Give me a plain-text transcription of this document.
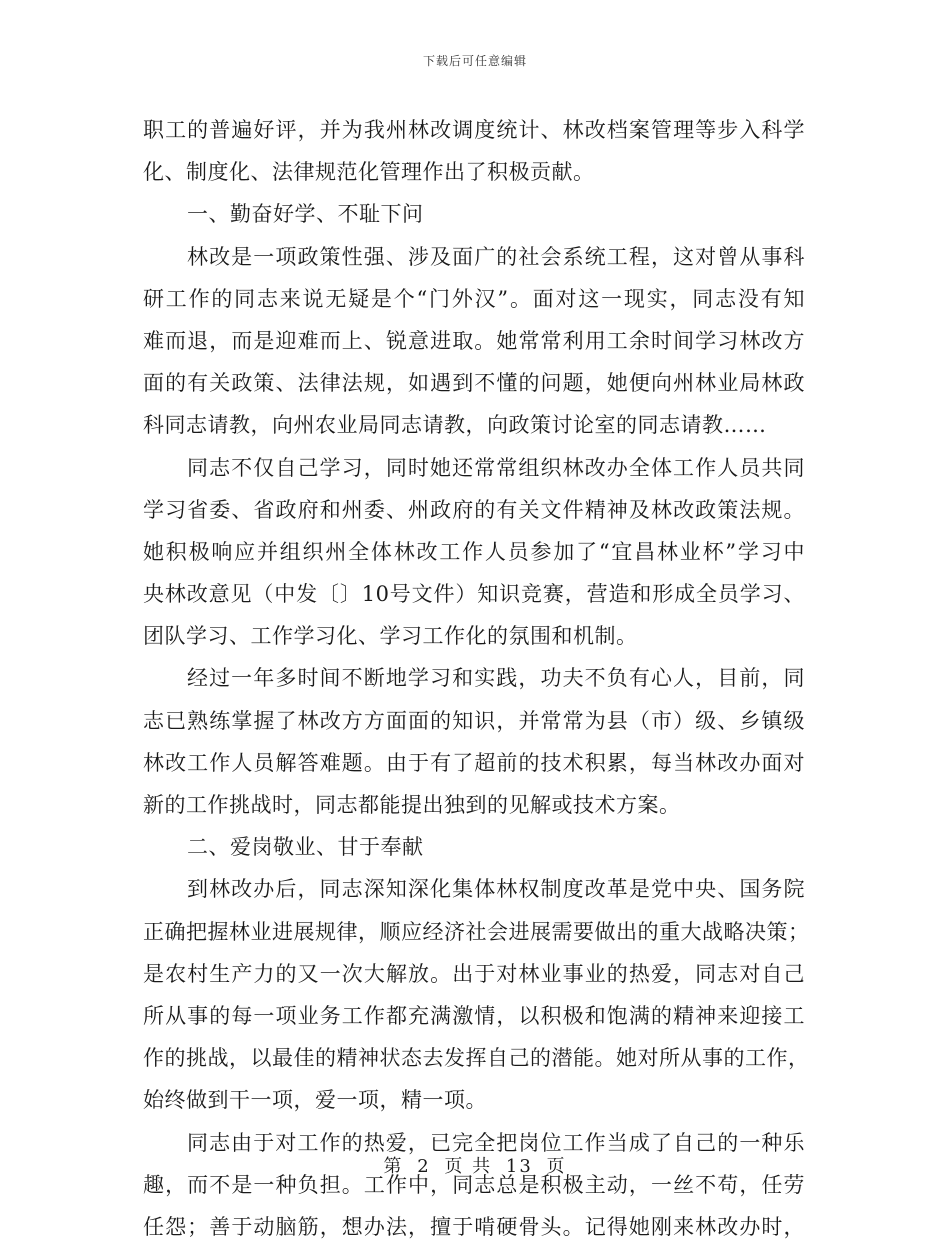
下载后可任意编辑
职工的普遍好评，并为我州林改调度统计、林改档案管理等步入科学
化、制度化、法律规范化管理作出了积极贡献。
一、勤奋好学、不耻下问
林改是一项政策性强、涉及面广的社会系统工程，这对曾从事科
研工作的同志来说无疑是个“门外汉”。面对这一现实，同志没有知
难而退，而是迎难而上、锐意进取。她常常利用工余时间学习林改方
面的有关政策、法律法规，如遇到不懂的问题，她便向州林业局林政
科同志请教，向州农业局同志请教，向政策讨论室的同志请教……
同志不仅自己学习，同时她还常常组织林改办全体工作人员共同
学习省委、省政府和州委、州政府的有关文件精神及林改政策法规。
她积极响应并组织州全体林改工作人员参加了“宜昌林业杯”学习中
央林改意见（中发〔〕10号文件）知识竞赛，营造和形成全员学习、
团队学习、工作学习化、学习工作化的氛围和机制。
经过一年多时间不断地学习和实践，功夫不负有心人，目前，同
志已熟练掌握了林改方方面面的知识，并常常为县（市）级、乡镇级
林改工作人员解答难题。由于有了超前的技术积累，每当林改办面对
新的工作挑战时，同志都能提出独到的见解或技术方案。
二、爱岗敬业、甘于奉献
到林改办后，同志深知深化集体林权制度改革是党中央、国务院
正确把握林业进展规律，顺应经济社会进展需要做出的重大战略决策；
是农村生产力的又一次大解放。出于对林业事业的热爱，同志对自己
所从事的每一项业务工作都充满激情，以积极和饱满的精神来迎接工
作的挑战，以最佳的精神状态去发挥自己的潜能。她对所从事的工作，
始终做到干一项，爱一项，精一项。
同志由于对工作的热爱，已完全把岗位工作当成了自己的一种乐
趣，而不是一种负担。工作中，同志总是积极主动，一丝不苟，任劳
任怨；善于动脑筋，想办法，擅于啃硬骨头。记得她刚来林改办时，
第 2 页 共 13 页
